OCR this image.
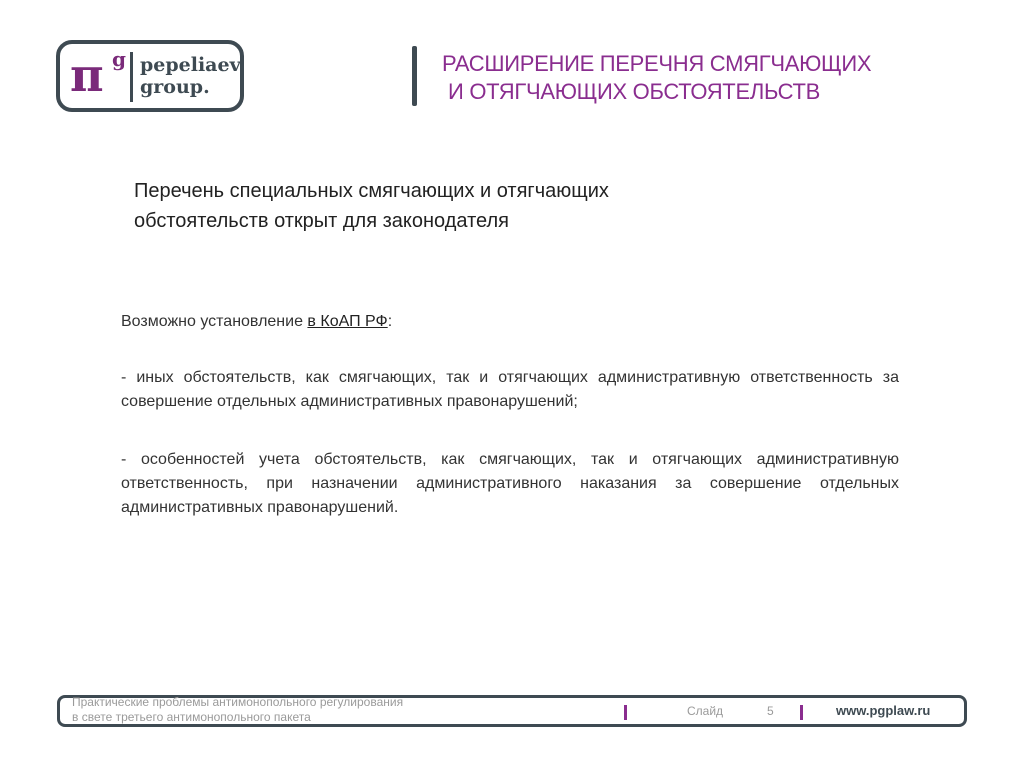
π g pepeliaev
group.
РАСШИРЕНИЕ ПЕРЕЧНЯ СМЯГЧАЮЩИХ
И ОТЯГЧАЮЩИХ ОБСТОЯТЕЛЬСТВ
Перечень специальных смягчающих и отягчающих
обстоятельств открыт для законодателя

Возможно установление в КоАП РФ:

- иных обстоятельств, как смягчающих, так и отягчающих административную ответственность за совершение отдельных административных правонарушений;

- особенностей учета обстоятельств, как смягчающих, так и отягчающих административную ответственность, при назначении административного наказания за совершение отдельных административных правонарушений.

Практические проблемы антимонопольного регулирования
в свете третьего антимонопольного пакета	Слайд	5	www.pgplaw.ru
